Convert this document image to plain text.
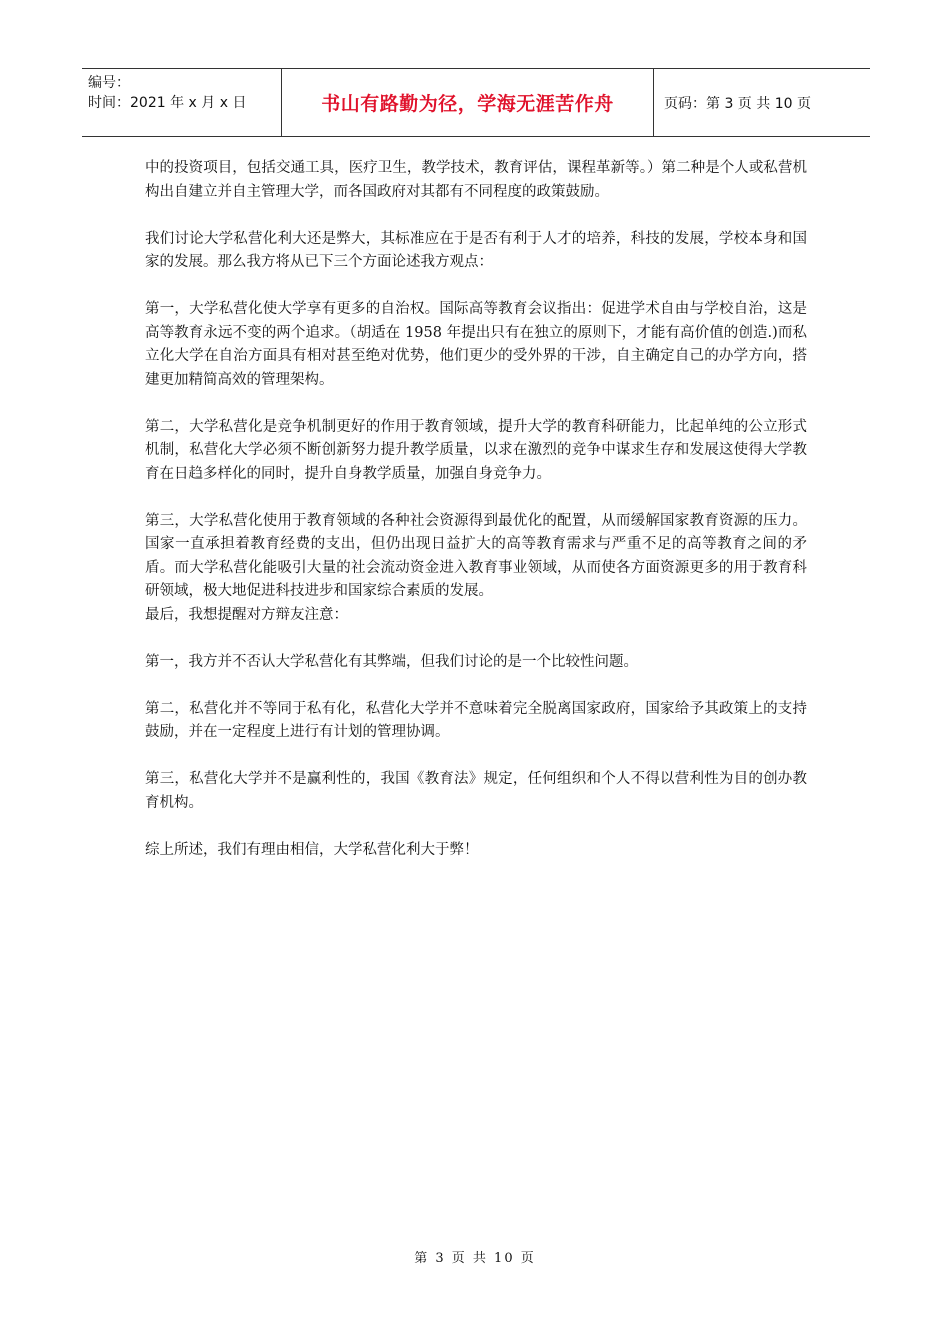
编号：
时间：2021 年 x 月 x 日	书山有路勤为径，学海无涯苦作舟	页码：第 3 页 共 10 页

中的投资项目，包括交通工具，医疗卫生，教学技术，教育评估，课程革新等。）第二种是个人或私营机构出自建立并自主管理大学，而各国政府对其都有不同程度的政策鼓励。

我们讨论大学私营化利大还是弊大，其标准应在于是否有利于人才的培养，科技的发展，学校本身和国家的发展。那么我方将从已下三个方面论述我方观点：

第一，大学私营化使大学享有更多的自治权。国际高等教育会议指出：促进学术自由与学校自治，这是高等教育永远不变的两个追求。（胡适在 1958 年提出只有在独立的原则下，才能有高价值的创造.)而私立化大学在自治方面具有相对甚至绝对优势，他们更少的受外界的干涉，自主确定自己的办学方向，搭建更加精简高效的管理架构。

第二，大学私营化是竞争机制更好的作用于教育领域，提升大学的教育科研能力，比起单纯的公立形式机制，私营化大学必须不断创新努力提升教学质量，以求在激烈的竞争中谋求生存和发展这使得大学教育在日趋多样化的同时，提升自身教学质量，加强自身竞争力。

第三，大学私营化使用于教育领域的各种社会资源得到最优化的配置，从而缓解国家教育资源的压力。国家一直承担着教育经费的支出，但仍出现日益扩大的高等教育需求与严重不足的高等教育之间的矛盾。而大学私营化能吸引大量的社会流动资金进入教育事业领域，从而使各方面资源更多的用于教育科研领域，极大地促进科技进步和国家综合素质的发展。

最后，我想提醒对方辩友注意：

第一，我方并不否认大学私营化有其弊端，但我们讨论的是一个比较性问题。

第二，私营化并不等同于私有化，私营化大学并不意味着完全脱离国家政府，国家给予其政策上的支持鼓励，并在一定程度上进行有计划的管理协调。

第三，私营化大学并不是赢利性的，我国《教育法》规定，任何组织和个人不得以营利性为目的创办教育机构。

综上所述，我们有理由相信，大学私营化利大于弊！

第 3 页 共 10 页
